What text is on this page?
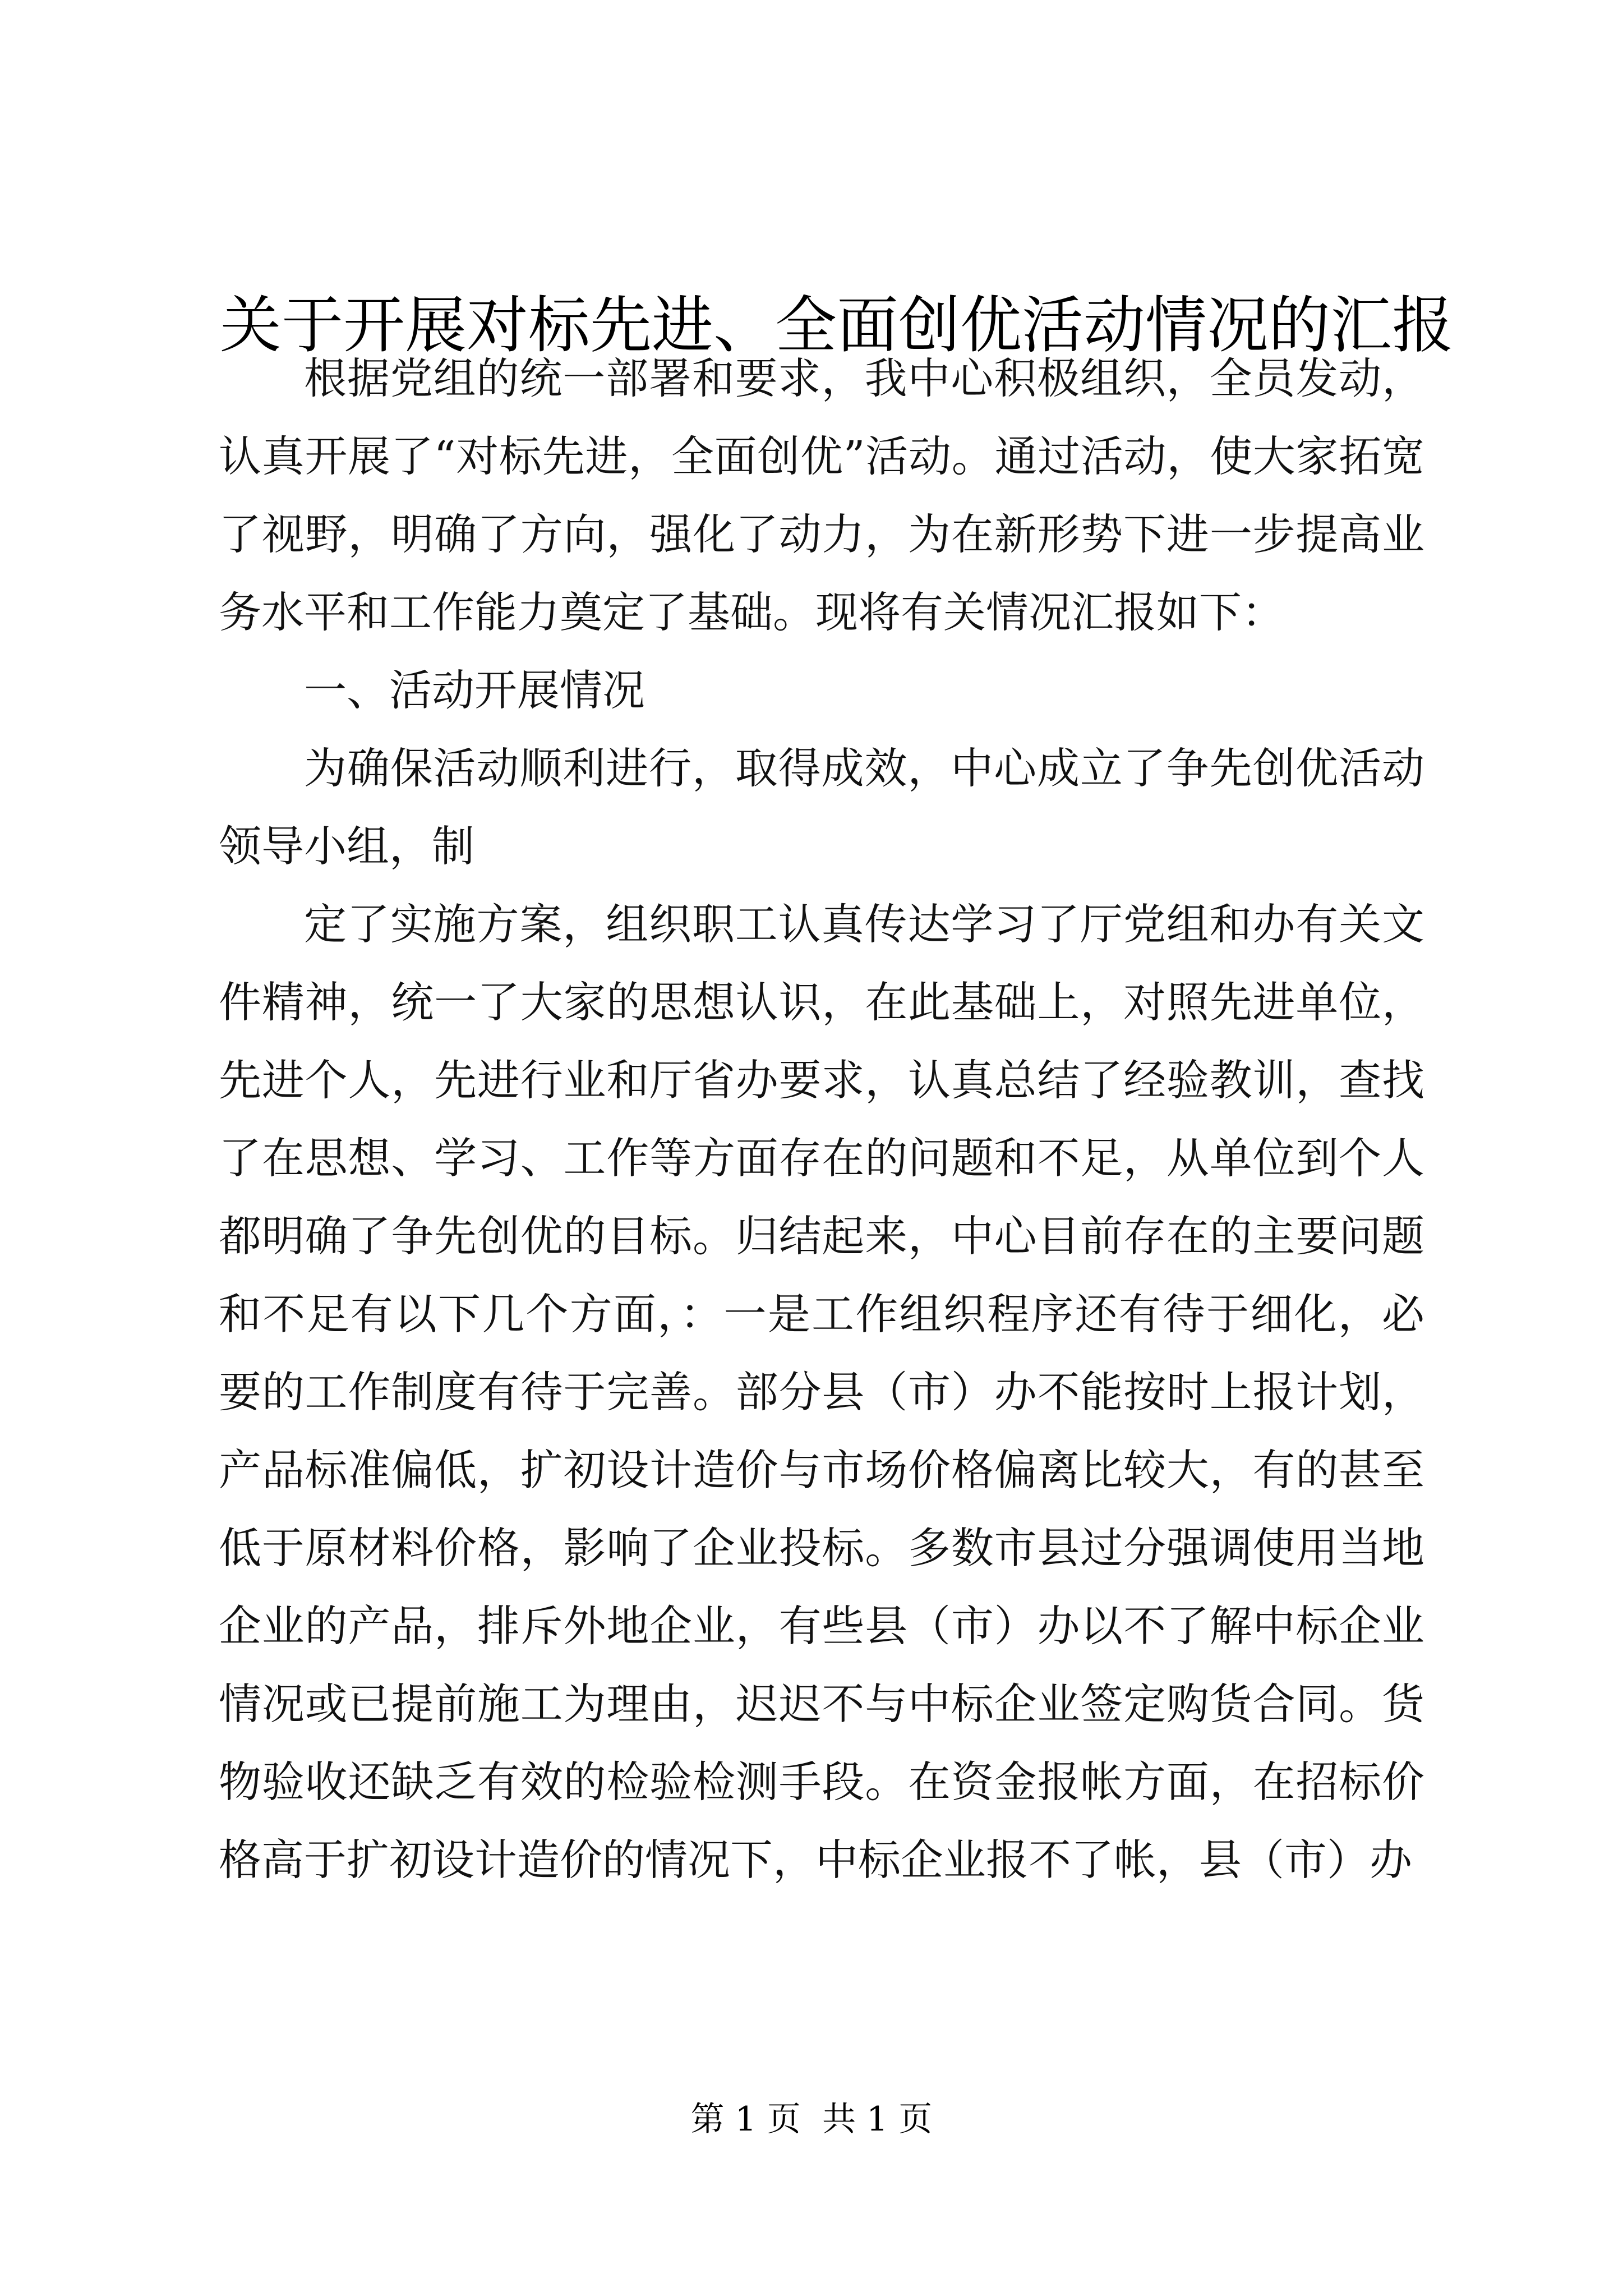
关于开展对标先进、全面创优活动情况的汇报

根据党组的统一部署和要求，我中心积极组织，全员发动，认真开展了“对标先进，全面创优”活动。通过活动，使大家拓宽了视野，明确了方向，强化了动力，为在新形势下进一步提高业务水平和工作能力奠定了基础。现将有关情况汇报如下：

一、活动开展情况

为确保活动顺利进行，取得成效，中心成立了争先创优活动领导小组，制

定了实施方案，组织职工认真传达学习了厅党组和办有关文件精神，统一了大家的思想认识，在此基础上，对照先进单位，先进个人，先进行业和厅省办要求，认真总结了经验教训，查找了在思想、学习、工作等方面存在的问题和不足，从单位到个人都明确了争先创优的目标。归结起来，中心目前存在的主要问题和不足有以下几个方面，：一是工作组织程序还有待于细化，必要的工作制度有待于完善。部分县（市）办不能按时上报计划，产品标准偏低，扩初设计造价与市场价格偏离比较大，有的甚至低于原材料价格，影响了企业投标。多数市县过分强调使用当地企业的产品，排斥外地企业，有些县（市）办以不了解中标企业情况或已提前施工为理由，迟迟不与中标企业签定购货合同。货物验收还缺乏有效的检验检测手段。在资金报帐方面，在招标价格高于扩初设计造价的情况下，中标企业报不了帐，县（市）办

第 1 页  共 1 页
